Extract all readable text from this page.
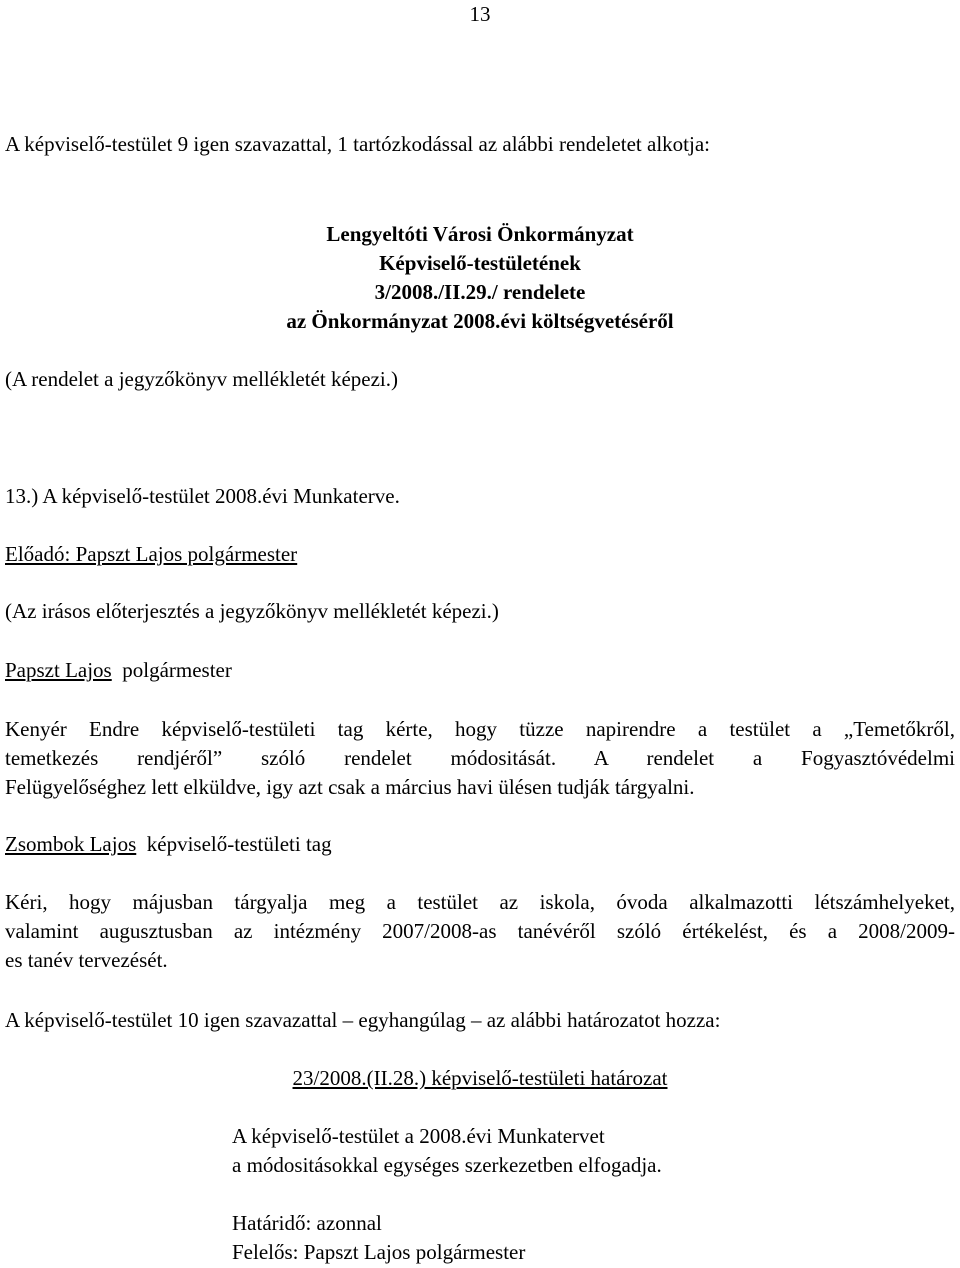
13
A képviselő-testület 9 igen szavazattal, 1 tartózkodással az alábbi rendeletet alkotja:
Lengyeltóti Városi Önkormányzat
Képviselő-testületének
3/2008./II.29./ rendelete
az Önkormányzat 2008.évi költségvetéséről
(A rendelet a jegyzőkönyv mellékletét képezi.)
13.) A képviselő-testület 2008.évi Munkaterve.
Előadó: Papszt Lajos polgármester
(Az irásos előterjesztés a jegyzőkönyv mellékletét képezi.)
Papszt Lajos polgármester
Kenyér Endre képviselő-testületi tag kérte, hogy tüzze napirendre a testület a „Temetőkről,
temetkezés rendjéről” szóló rendelet módositását. A rendelet a Fogyasztóvédelmi
Felügyelőséghez lett elküldve, igy azt csak a március havi ülésen tudják tárgyalni.
Zsombok Lajos képviselő-testületi tag
Kéri, hogy májusban tárgyalja meg a testület az iskola, óvoda alkalmazotti létszámhelyeket,
valamint augusztusban az intézmény 2007/2008-as tanévéről szóló értékelést, és a 2008/2009-
es tanév tervezését.
A képviselő-testület 10 igen szavazattal – egyhangúlag – az alábbi határozatot hozza:
23/2008.(II.28.) képviselő-testületi határozat
A képviselő-testület a 2008.évi Munkatervet
a módositásokkal egységes szerkezetben elfogadja.
Határidő: azonnal
Felelős: Papszt Lajos polgármester
